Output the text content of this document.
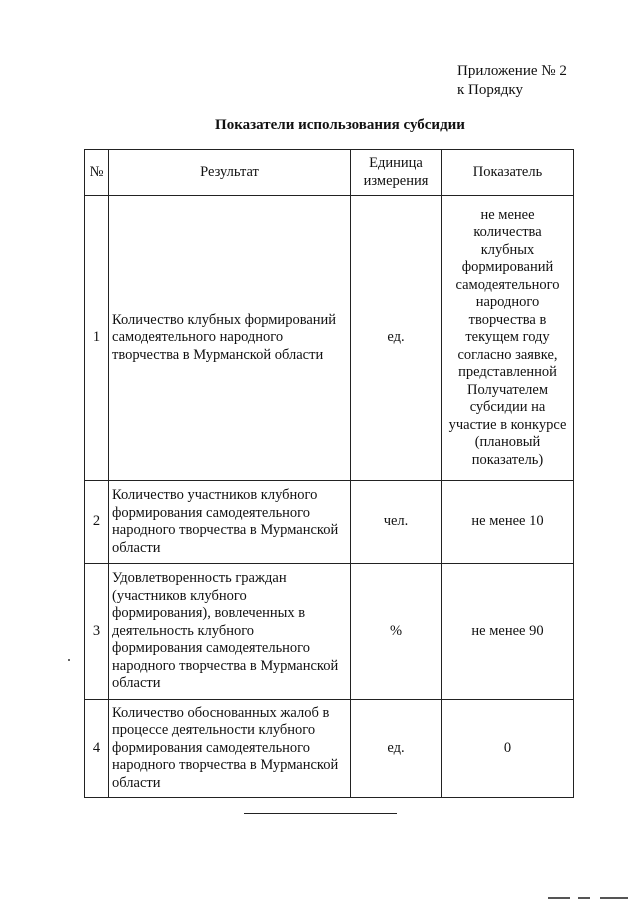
Приложение № 2
к Порядку
Показатели использования субсидии
№	Результат	Единица измерения	Показатель
1	Количество клубных формирований самодеятельного народного творчества в Мурманской области	ед.	не менее количества клубных формирований самодеятельного народного творчества в текущем году согласно заявке, представленной Получателем субсидии на участие в конкурсе (плановый показатель)
2	Количество участников клубного формирования самодеятельного народного творчества в Мурманской области	чел.	не менее 10
3	Удовлетворенность граждан (участников клубного формирования), вовлеченных в деятельность клубного формирования самодеятельного народного творчества в Мурманской области	%	не менее 90
4	Количество обоснованных жалоб в процессе деятельности клубного формирования самодеятельного народного творчества в Мурманской области	ед.	0
